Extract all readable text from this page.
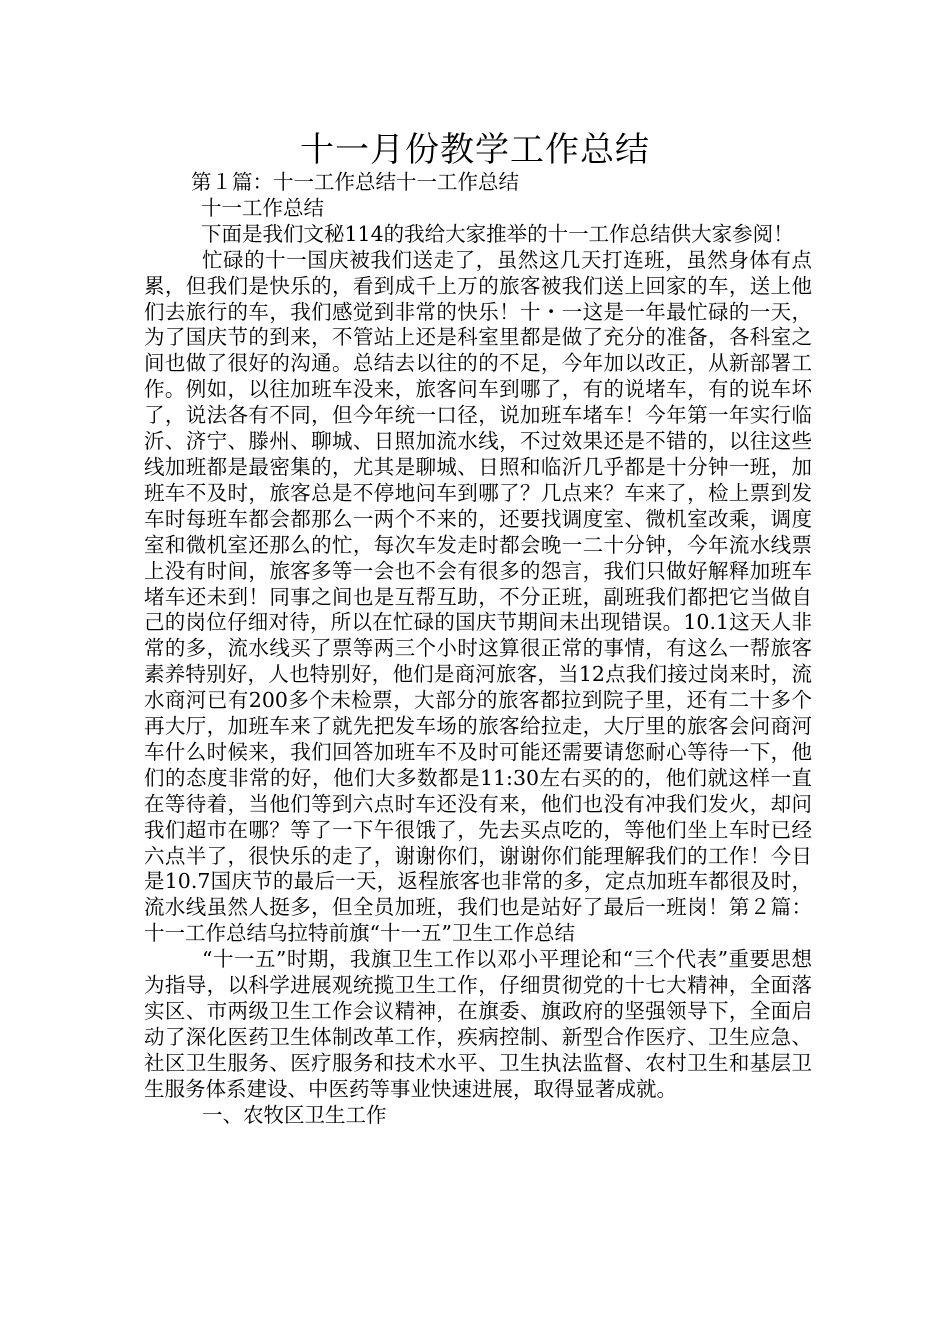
十一月份教学工作总结

第１篇：十一工作总结十一工作总结

十一工作总结

下面是我们文秘114的我给大家推举的十一工作总结供大家参阅！

忙碌的十一国庆被我们送走了，虽然这几天打连班，虽然身体有点累，但我们是快乐的，看到成千上万的旅客被我们送上回家的车，送上他们去旅行的车，我们感觉到非常的快乐！十・一这是一年最忙碌的一天，为了国庆节的到来，不管站上还是科室里都是做了充分的准备，各科室之间也做了很好的沟通。总结去以往的的不足，今年加以改正，从新部署工作。例如，以往加班车没来，旅客问车到哪了，有的说堵车，有的说车坏了，说法各有不同，但今年统一口径，说加班车堵车！今年第一年实行临沂、济宁、滕州、聊城、日照加流水线，不过效果还是不错的，以往这些线加班都是最密集的，尤其是聊城、日照和临沂几乎都是十分钟一班，加班车不及时，旅客总是不停地问车到哪了？几点来？车来了，检上票到发车时每班车都会都那么一两个不来的，还要找调度室、微机室改乘，调度室和微机室还那么的忙，每次车发走时都会晚一二十分钟，今年流水线票上没有时间，旅客多等一会也不会有很多的怨言，我们只做好解释加班车堵车还未到！同事之间也是互帮互助，不分正班，副班我们都把它当做自己的岗位仔细对待，所以在忙碌的国庆节期间未出现错误。10.1这天人非常的多，流水线买了票等两三个小时这算很正常的事情，有这么一帮旅客素养特别好，人也特别好，他们是商河旅客，当12点我们接过岗来时，流水商河已有200多个未检票，大部分的旅客都拉到院子里，还有二十多个再大厅，加班车来了就先把发车场的旅客给拉走，大厅里的旅客会问商河车什么时候来，我们回答加班车不及时可能还需要请您耐心等待一下，他们的态度非常的好，他们大多数都是11:30左右买的的，他们就这样一直在等待着，当他们等到六点时车还没有来，他们也没有冲我们发火，却问我们超市在哪？等了一下午很饿了，先去买点吃的，等他们坐上车时已经六点半了，很快乐的走了，谢谢你们，谢谢你们能理解我们的工作！今日是10.7国庆节的最后一天，返程旅客也非常的多，定点加班车都很及时，流水线虽然人挺多，但全员加班，我们也是站好了最后一班岗！第２篇：十一工作总结乌拉特前旗“十一五”卫生工作总结

“十一五”时期，我旗卫生工作以邓小平理论和“三个代表”重要思想为指导，以科学进展观统揽卫生工作，仔细贯彻党的十七大精神，全面落实区、市两级卫生工作会议精神，在旗委、旗政府的坚强领导下，全面启动了深化医药卫生体制改革工作，疾病控制、新型合作医疗、卫生应急、社区卫生服务、医疗服务和技术水平、卫生执法监督、农村卫生和基层卫生服务体系建设、中医药等事业快速进展，取得显著成就。

一、农牧区卫生工作
